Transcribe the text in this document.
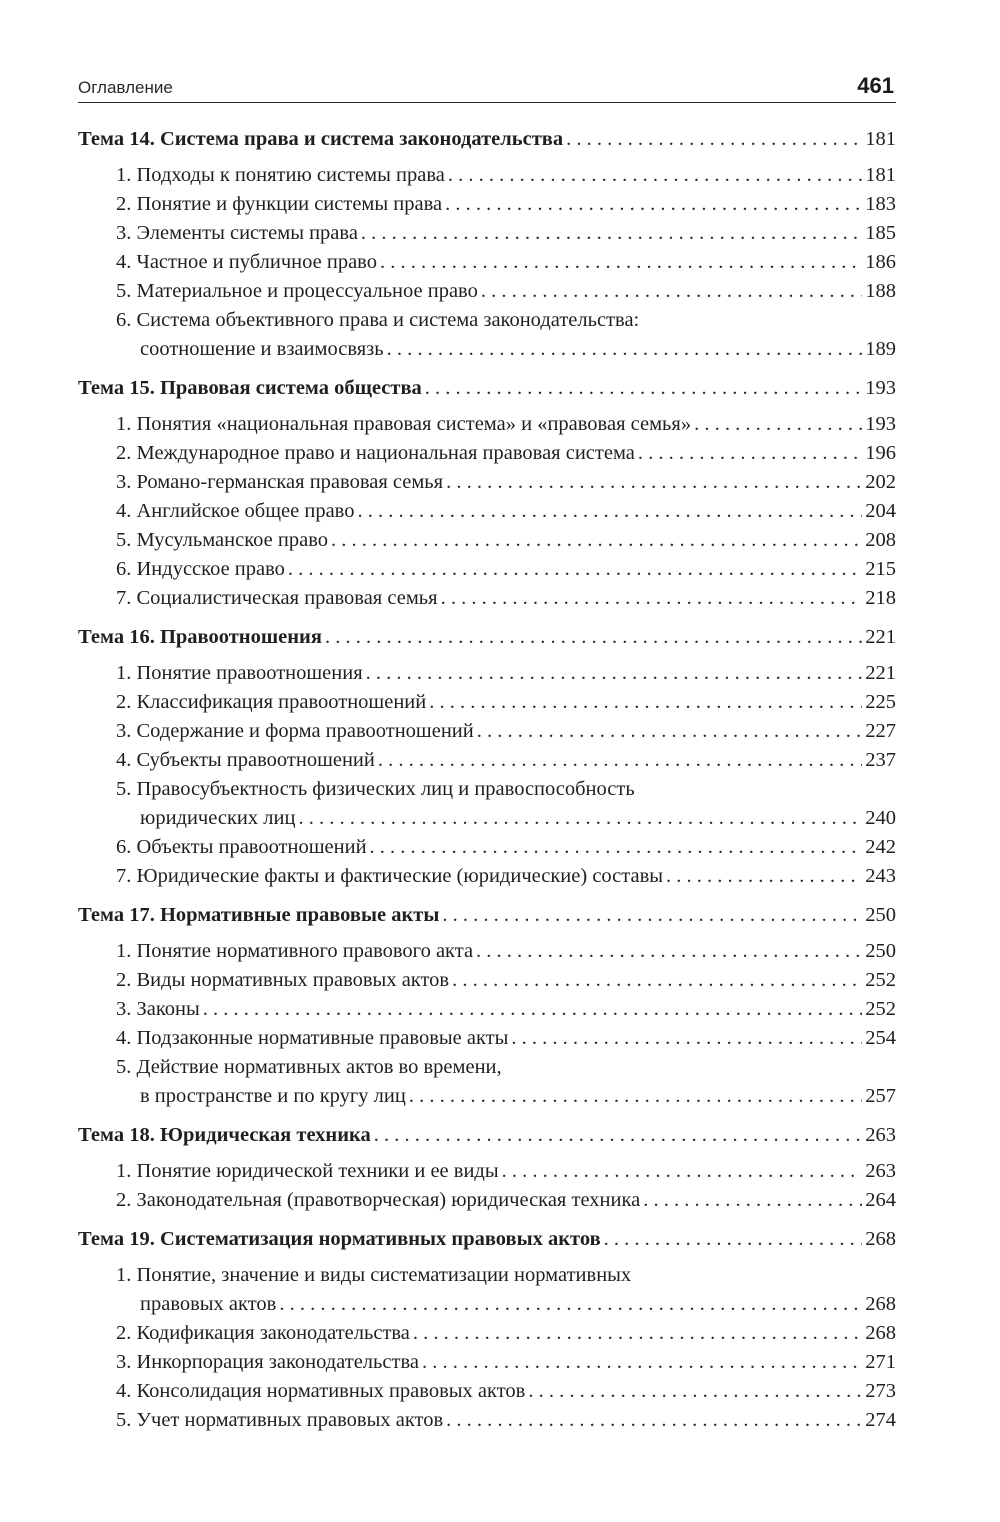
Оглавление	461
Тема 14. Система права и система законодательства . . .	181
1. Подходы к понятию системы права . . .	181
2. Понятие и функции системы права . . .	183
3. Элементы системы права . . .	185
4. Частное и публичное право . . .	186
5. Материальное и процессуальное право . . .	188
6. Система объективного права и система законодательства:
соотношение и взаимосвязь . . .	189
Тема 15. Правовая система общества . . .	193
1. Понятия «национальная правовая система» и «правовая семья» . . .	193
2. Международное право и национальная правовая система . . .	196
3. Романо-германская правовая семья . . .	202
4. Английское общее право . . .	204
5. Мусульманское право . . .	208
6. Индусское право . . .	215
7. Социалистическая правовая семья . . .	218
Тема 16. Правоотношения . . .	221
1. Понятие правоотношения . . .	221
2. Классификация правоотношений . . .	225
3. Содержание и форма правоотношений . . .	227
4. Субъекты правоотношений . . .	237
5. Правосубъектность физических лиц и правоспособность
юридических лиц . . .	240
6. Объекты правоотношений . . .	242
7. Юридические факты и фактические (юридические) составы . . .	243
Тема 17. Нормативные правовые акты . . .	250
1. Понятие нормативного правового акта . . .	250
2. Виды нормативных правовых актов . . .	252
3. Законы . . .	252
4. Подзаконные нормативные правовые акты . . .	254
5. Действие нормативных актов во времени,
в пространстве и по кругу лиц . . .	257
Тема 18. Юридическая техника . . .	263
1. Понятие юридической техники и ее виды . . .	263
2. Законодательная (правотворческая) юридическая техника . . .	264
Тема 19. Систематизация нормативных правовых актов . . .	268
1. Понятие, значение и виды систематизации нормативных
правовых актов . . .	268
2. Кодификация законодательства . . .	268
3. Инкорпорация законодательства . . .	271
4. Консолидация нормативных правовых актов . . .	273
5. Учет нормативных правовых актов . . .	274
